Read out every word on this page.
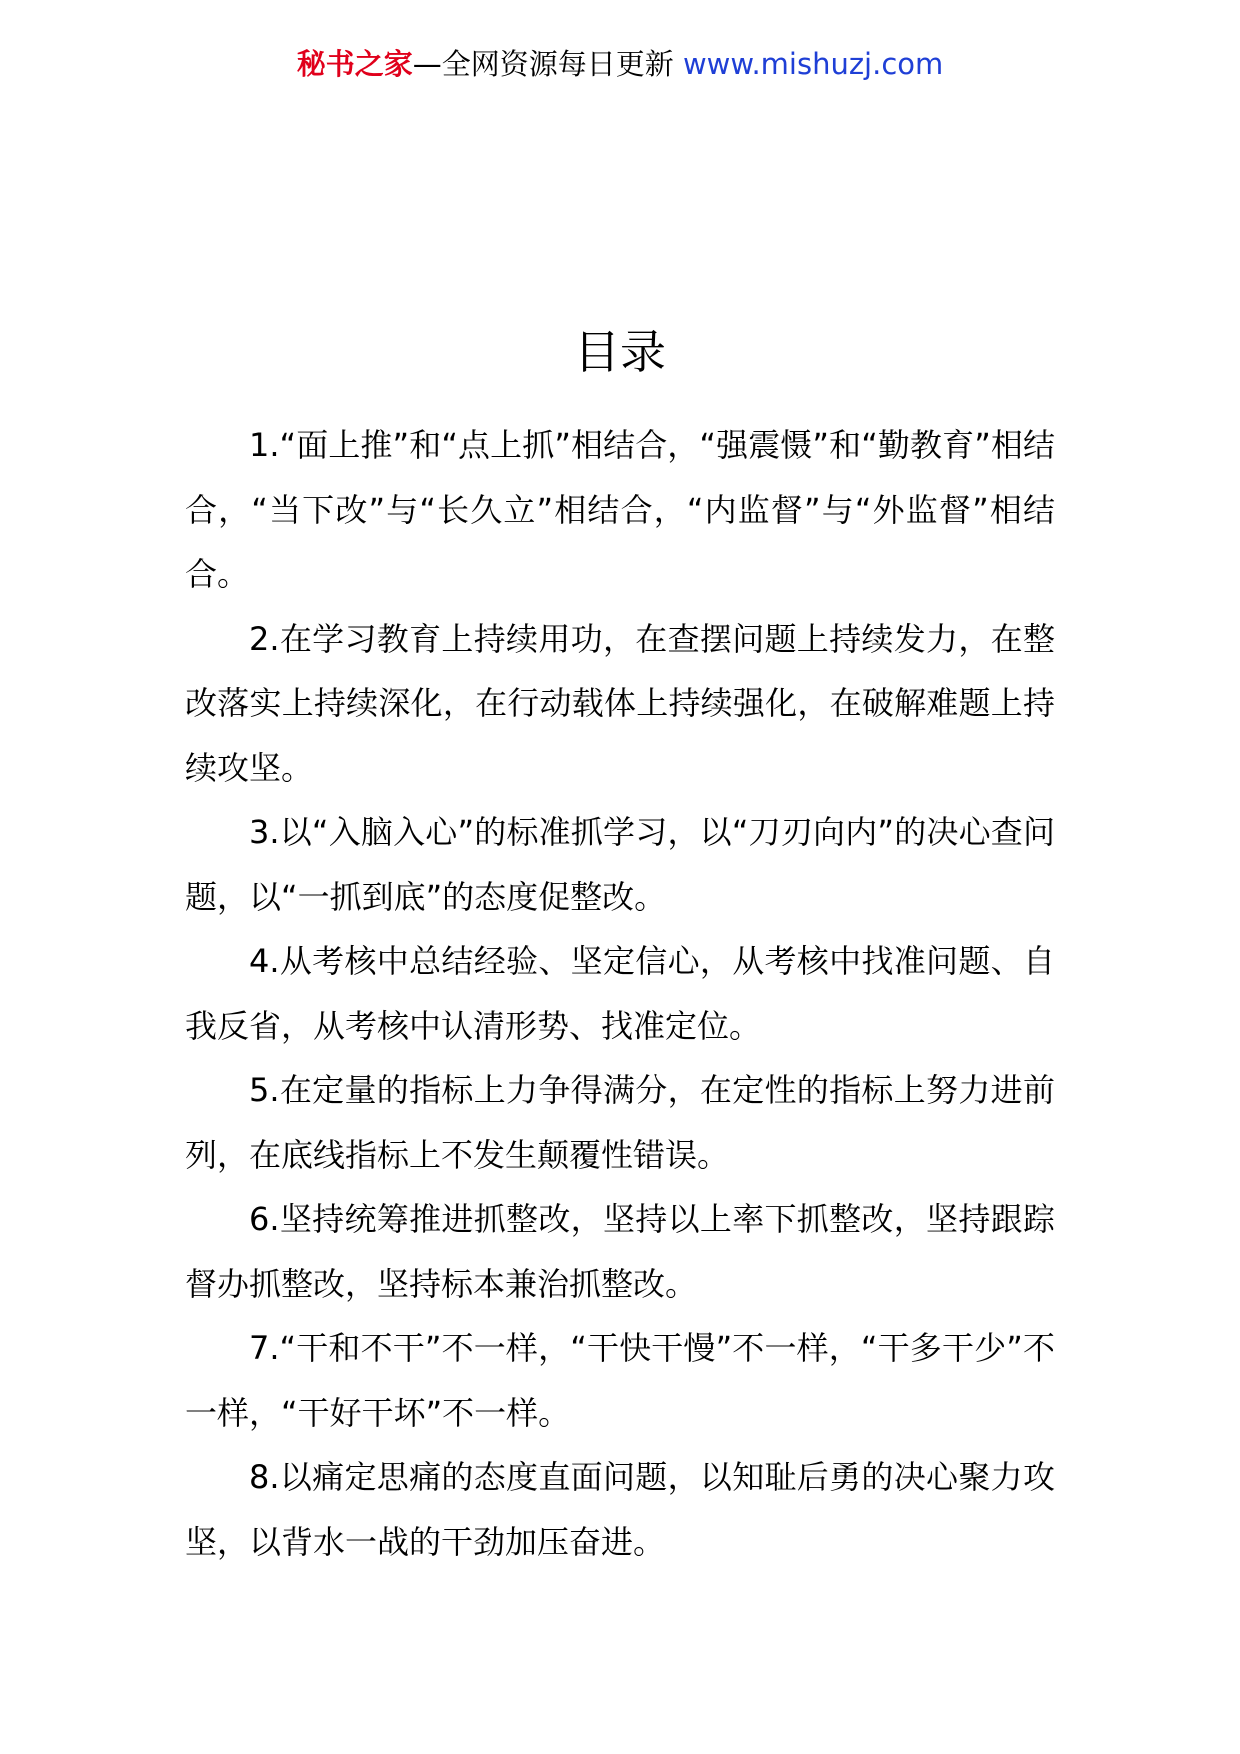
秘书之家—全网资源每日更新 www.mishuzj.com
目录

1.“面上推”和“点上抓”相结合，“强震慑”和“勤教育”相结合，“当下改”与“长久立”相结合，“内监督”与“外监督”相结合。

2.在学习教育上持续用功，在查摆问题上持续发力，在整改落实上持续深化，在行动载体上持续强化，在破解难题上持续攻坚。

3.以“入脑入心”的标准抓学习，以“刀刃向内”的决心查问题，以“一抓到底”的态度促整改。

4.从考核中总结经验、坚定信心，从考核中找准问题、自我反省，从考核中认清形势、找准定位。

5.在定量的指标上力争得满分，在定性的指标上努力进前列，在底线指标上不发生颠覆性错误。

6.坚持统筹推进抓整改，坚持以上率下抓整改，坚持跟踪督办抓整改，坚持标本兼治抓整改。

7.“干和不干”不一样，“干快干慢”不一样，“干多干少”不一样，“干好干坏”不一样。

8.以痛定思痛的态度直面问题，以知耻后勇的决心聚力攻坚，以背水一战的干劲加压奋进。
